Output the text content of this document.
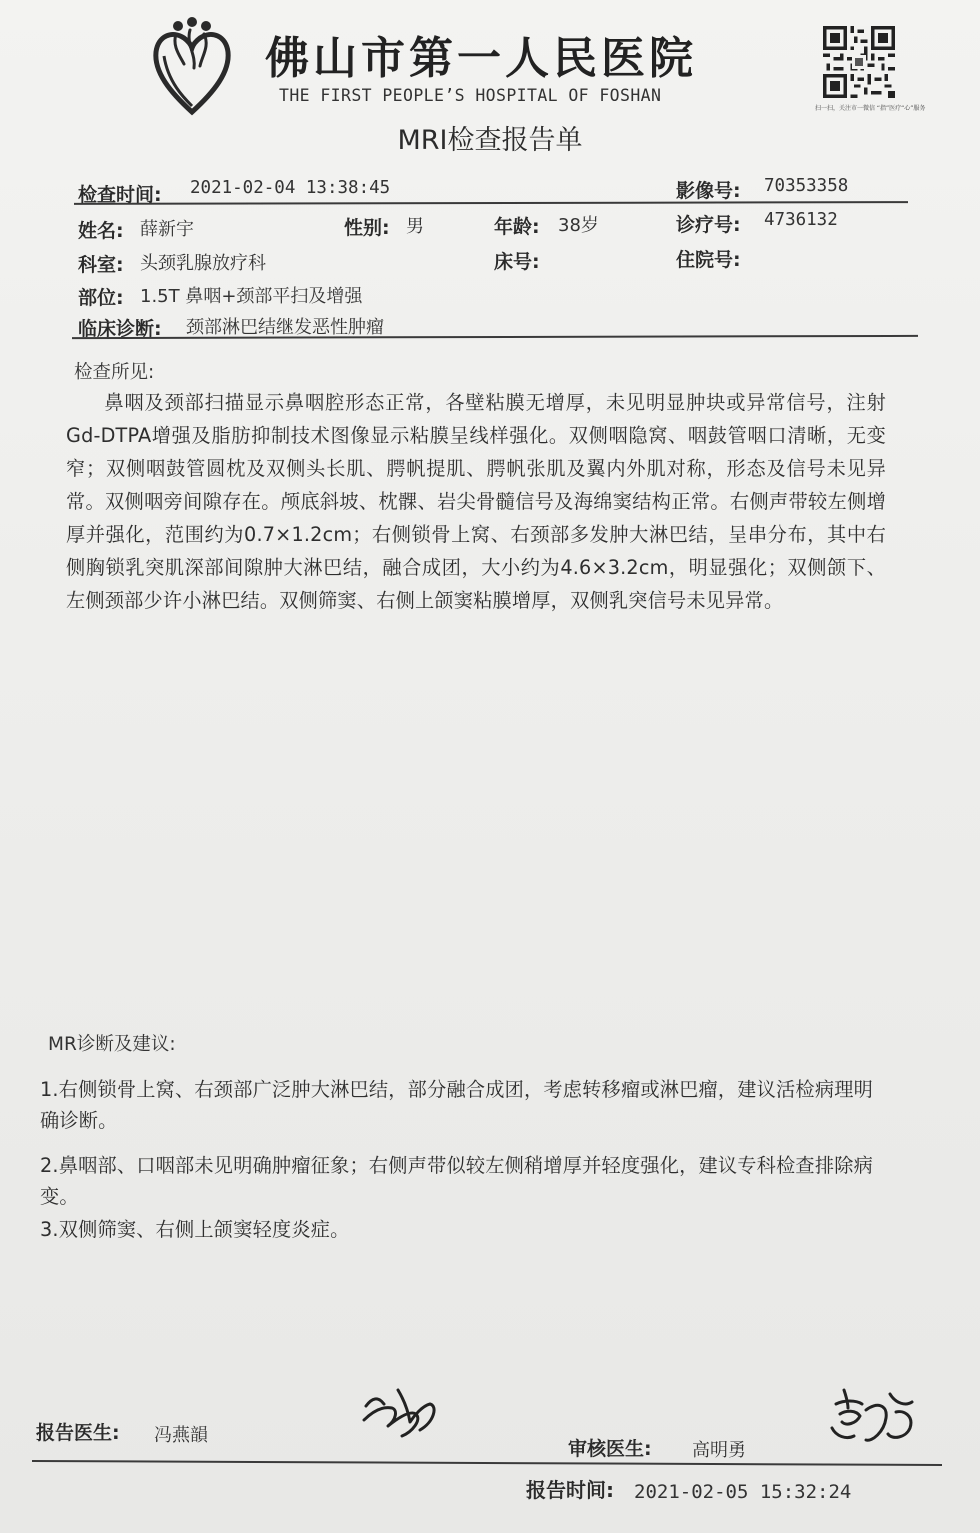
佛山市第一人民医院
THE FIRST PEOPLE’S HOSPITAL OF FOSHAN
扫一扫，关注市一微信 “指”医疗“心”服务
MRI检查报告单
检查时间: 2021-02-04 13:38:45	影像号: 70353358
姓名: 薛新宇	性别: 男	年龄: 38岁	诊疗号: 4736132
科室: 头颈乳腺放疗科	床号:	住院号:
部位: 1.5T 鼻咽+颈部平扫及增强
临床诊断: 颈部淋巴结继发恶性肿瘤
检查所见:
鼻咽及颈部扫描显示鼻咽腔形态正常，各壁粘膜无增厚，未见明显肿块或异常信号，注射Gd-DTPA增强及脂肪抑制技术图像显示粘膜呈线样强化。双侧咽隐窝、咽鼓管咽口清晰，无变窄；双侧咽鼓管圆枕及双侧头长肌、腭帆提肌、腭帆张肌及翼内外肌对称，形态及信号未见异常。双侧咽旁间隙存在。颅底斜坡、枕髁、岩尖骨髓信号及海绵窦结构正常。右侧声带较左侧增厚并强化，范围约为0.7×1.2cm；右侧锁骨上窝、右颈部多发肿大淋巴结，呈串分布，其中右侧胸锁乳突肌深部间隙肿大淋巴结，融合成团，大小约为4.6×3.2cm，明显强化；双侧颌下、左侧颈部少许小淋巴结。双侧筛窦、右侧上颌窦粘膜增厚，双侧乳突信号未见异常。
MR诊断及建议:
1.右侧锁骨上窝、右颈部广泛肿大淋巴结，部分融合成团，考虑转移瘤或淋巴瘤，建议活检病理明确诊断。
2.鼻咽部、口咽部未见明确肿瘤征象；右侧声带似较左侧稍增厚并轻度强化，建议专科检查排除病变。
3.双侧筛窦、右侧上颌窦轻度炎症。
报告医生: 冯燕韻
审核医生: 高明勇
报告时间: 2021-02-05 15:32:24
